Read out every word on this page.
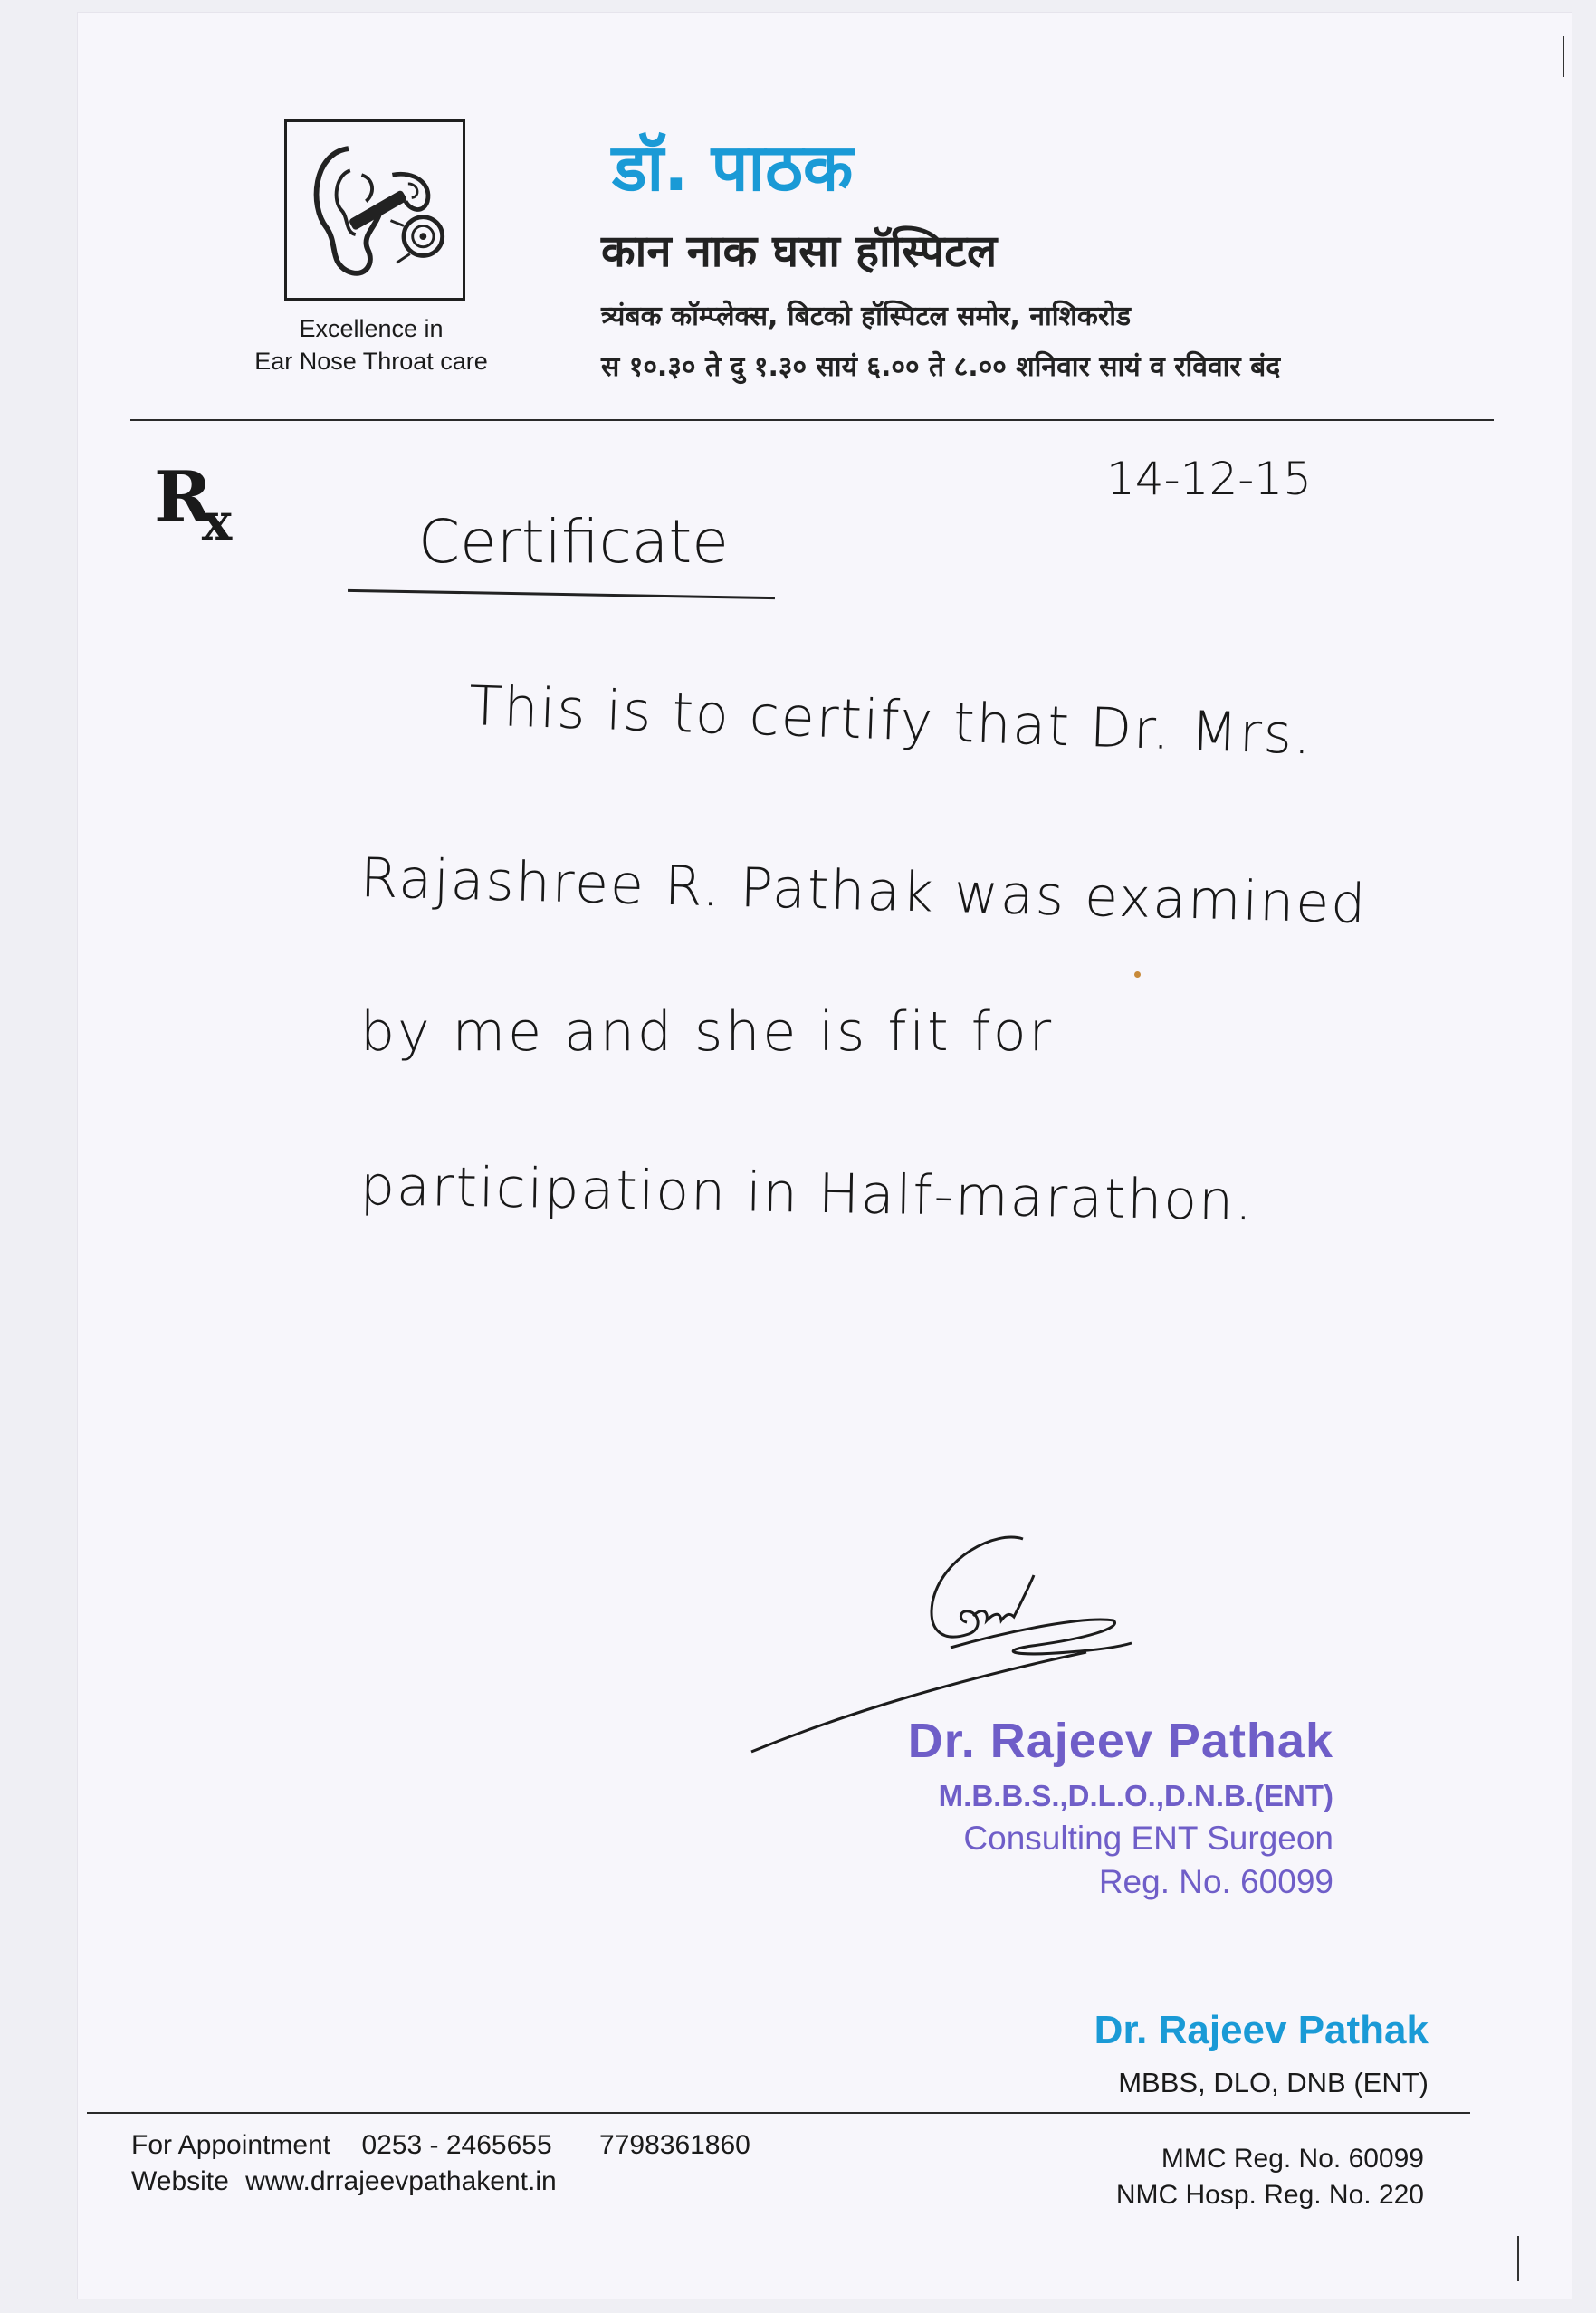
Excellence in
Ear Nose Throat care
डॉ. पाठक
कान नाक घसा हॉस्पिटल
त्र्यंबक कॉम्प्लेक्स, बिटको हॉस्पिटल समोर, नाशिकरोड
स १०.३० ते दु १.३० सायं ६.०० ते ८.०० शनिवार सायं व रविवार बंद
$R_x$
14-12-15
Certificate
This is to certify that Dr. Mrs.
Rajashree R. Pathak was examined
by me and she is fit for
participation in Half-marathon.
Dr. Rajeev Pathak
M.B.B.S.,D.L.O.,D.N.B.(ENT)
Consulting ENT Surgeon
Reg. No. 60099
Dr. Rajeev Pathak
MBBS, DLO, DNB (ENT)
For Appointment 0253 - 2465655 7798361860
Website www.drrajeevpathakent.in
MMC Reg. No. 60099
NMC Hosp. Reg. No. 220
